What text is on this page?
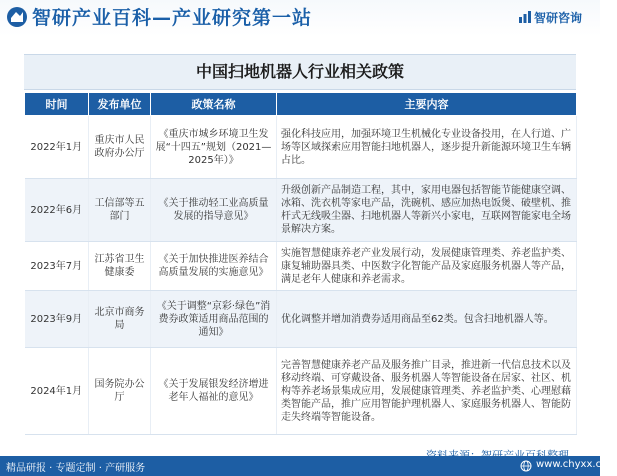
智研产业百科—产业研究第一站	智研咨询
中国扫地机器人行业相关政策
时间	发布单位	政策名称	主要内容
2022年1月	重庆市人民政府办公厅	《重庆市城乡环境卫生发展“十四五”规划（2021—2025年）》	强化科技应用，加强环境卫生机械化专业设备投用，在人行道、广场等区域探索应用智能扫地机器人，逐步提升新能源环境卫生车辆占比。
2022年6月	工信部等五部门	《关于推动轻工业高质量发展的指导意见》	升级创新产品制造工程，其中，家用电器包括智能节能健康空调、冰箱、洗衣机等家电产品，洗碗机、感应加热电饭煲、破壁机、推杆式无线吸尘器、扫地机器人等新兴小家电，互联网智能家电全场景解决方案。
2023年7月	江苏省卫生健康委	《关于加快推进医养结合高质量发展的实施意见》	实施智慧健康养老产业发展行动，发展健康管理类、养老监护类、康复辅助器具类、中医数字化智能产品及家庭服务机器人等产品，满足老年人健康和养老需求。
2023年9月	北京市商务局	《关于调整“京彩·绿色”消费券政策适用商品范围的通知》	优化调整并增加消费券适用商品至62类。包含扫地机器人等。
2024年1月	国务院办公厅	《关于发展银发经济增进老年人福祉的意见》	完善智慧健康养老产品及服务推广目录，推进新一代信息技术以及移动终端、可穿戴设备、服务机器人等智能设备在居家、社区、机构等养老场景集成应用，发展健康管理类、养老监护类、心理慰藉类智能产品，推广应用智能护理机器人、家庭服务机器人、智能防走失终端等智能设备。
精品研报 · 专题定制 · 产研服务	www.chyxx.com
